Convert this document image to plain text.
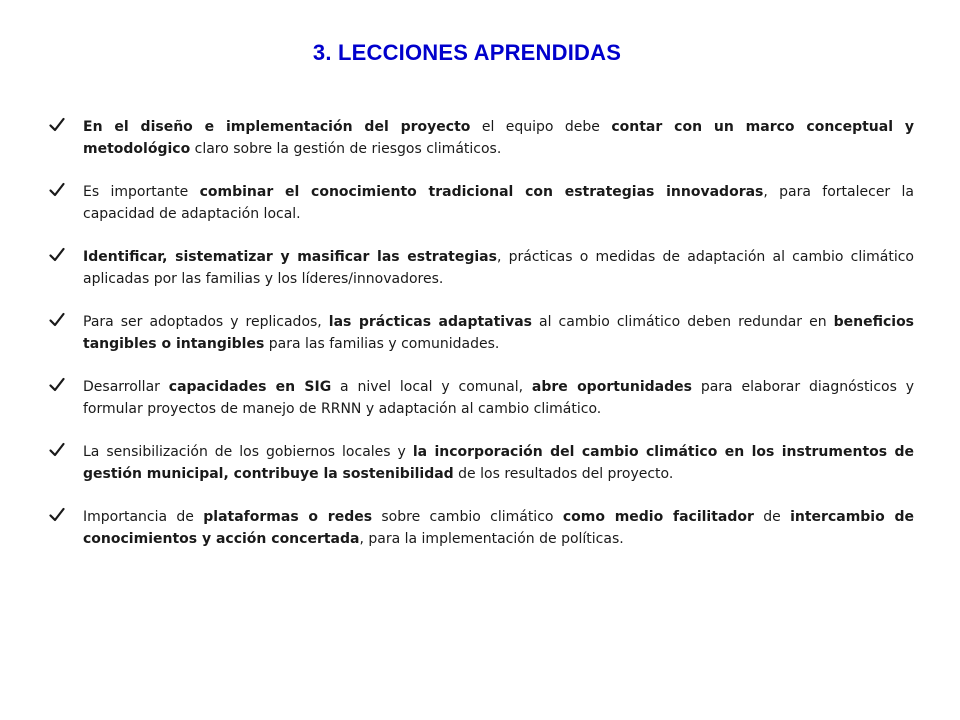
3. LECCIONES APRENDIDAS
En el diseño e implementación del proyecto el equipo debe contar con un marco conceptual y metodológico claro sobre la gestión de riesgos climáticos.
Es importante combinar el conocimiento tradicional con estrategias innovadoras, para fortalecer la capacidad de adaptación local.
Identificar, sistematizar y masificar las estrategias, prácticas o medidas de adaptación al cambio climático aplicadas por las familias y los líderes/innovadores.
Para ser adoptados y replicados, las prácticas adaptativas al cambio climático deben redundar en beneficios tangibles o intangibles para las familias y comunidades.
Desarrollar capacidades en SIG a nivel local y comunal, abre oportunidades para elaborar diagnósticos y formular proyectos de manejo de RRNN y adaptación al cambio climático.
La sensibilización de los gobiernos locales y la incorporación del cambio climático en los instrumentos de gestión municipal, contribuye la sostenibilidad de los resultados del proyecto.
Importancia de plataformas o redes sobre cambio climático como medio facilitador de intercambio de conocimientos y acción concertada, para la implementación de políticas.
